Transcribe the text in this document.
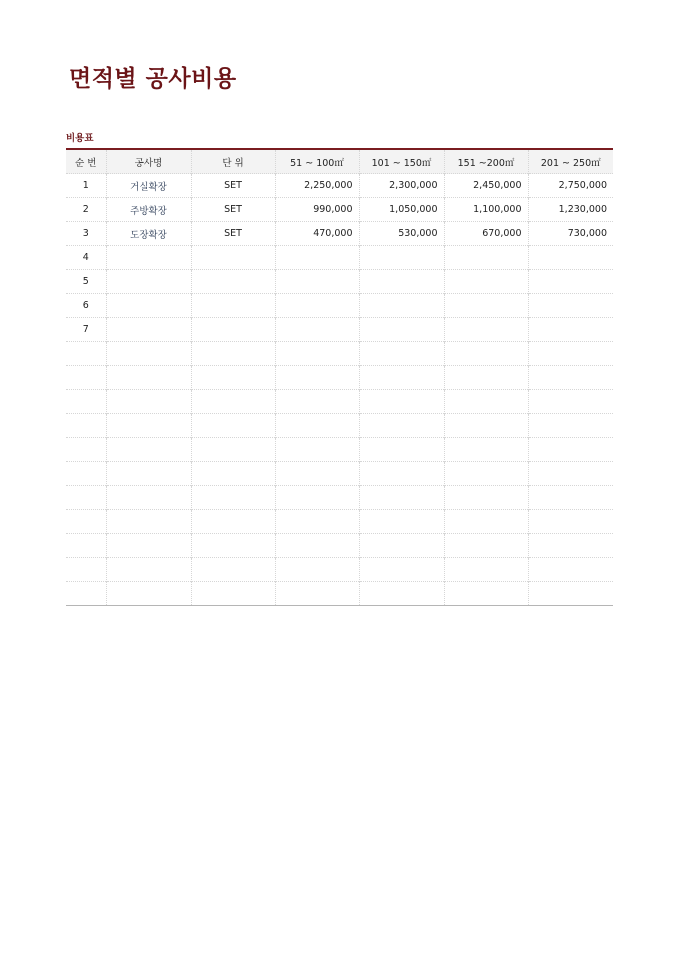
면적별 공사비용
비용표
순 번	공사명	단 위	51 ~ 100㎡	101 ~ 150㎡	151 ~200㎡	201 ~ 250㎡
1	거실확장	SET	2,250,000	2,300,000	2,450,000	2,750,000
2	주방확장	SET	990,000	1,050,000	1,100,000	1,230,000
3	도장확장	SET	470,000	530,000	670,000	730,000
4						
5						
6						
7						
